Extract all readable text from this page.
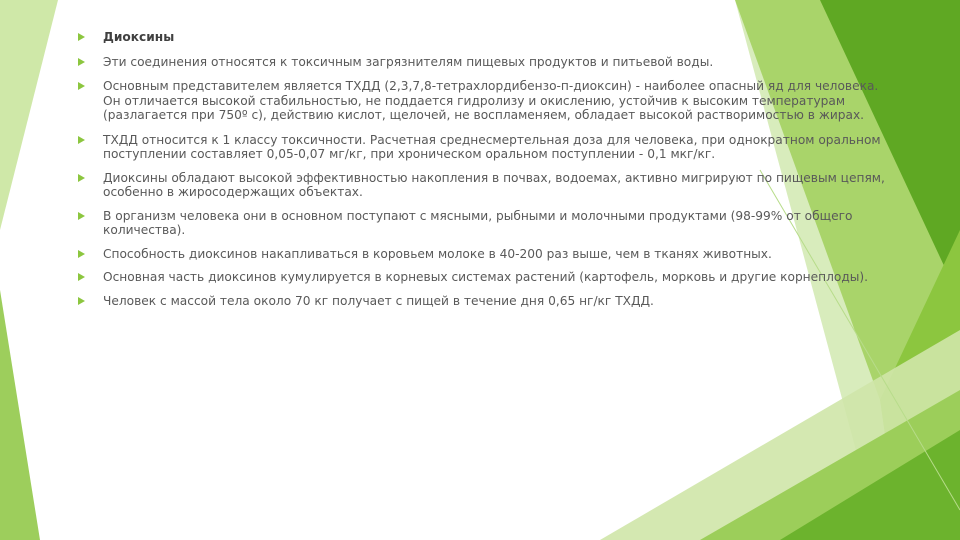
Диоксины
Эти соединения относятся к токсичным загрязнителям пищевых продуктов и питьевой воды.
Основным представителем является ТХДД (2,3,7,8-тетрахлордибензо-п-диоксин) - наиболее опасный яд для человека. Он отличается высокой стабильностью, не поддается гидролизу и окислению, устойчив к высоким температурам (разлагается при 750º с), действию кислот, щелочей, не воспламеняем, обладает высокой растворимостью в жирах.
ТХДД относится к 1 классу токсичности. Расчетная среднесмертельная доза для человека, при однократном оральном поступлении составляет 0,05-0,07 мг/кг, при хроническом оральном поступлении - 0,1 мкг/кг.
Диоксины обладают высокой эффективностью накопления в почвах, водоемах, активно мигрируют по пищевым цепям, особенно в жиросодержащих объектах.
В организм человека они в основном поступают с мясными, рыбными и молочными продуктами (98-99% от общего количества).
Способность диоксинов накапливаться в коровьем молоке в 40-200 раз выше, чем в тканях животных.
Основная часть диоксинов кумулируется в корневых системах растений (картофель, морковь и другие корнеплоды).
Человек с массой тела около 70 кг получает с пищей в течение дня 0,65 нг/кг ТХДД.
